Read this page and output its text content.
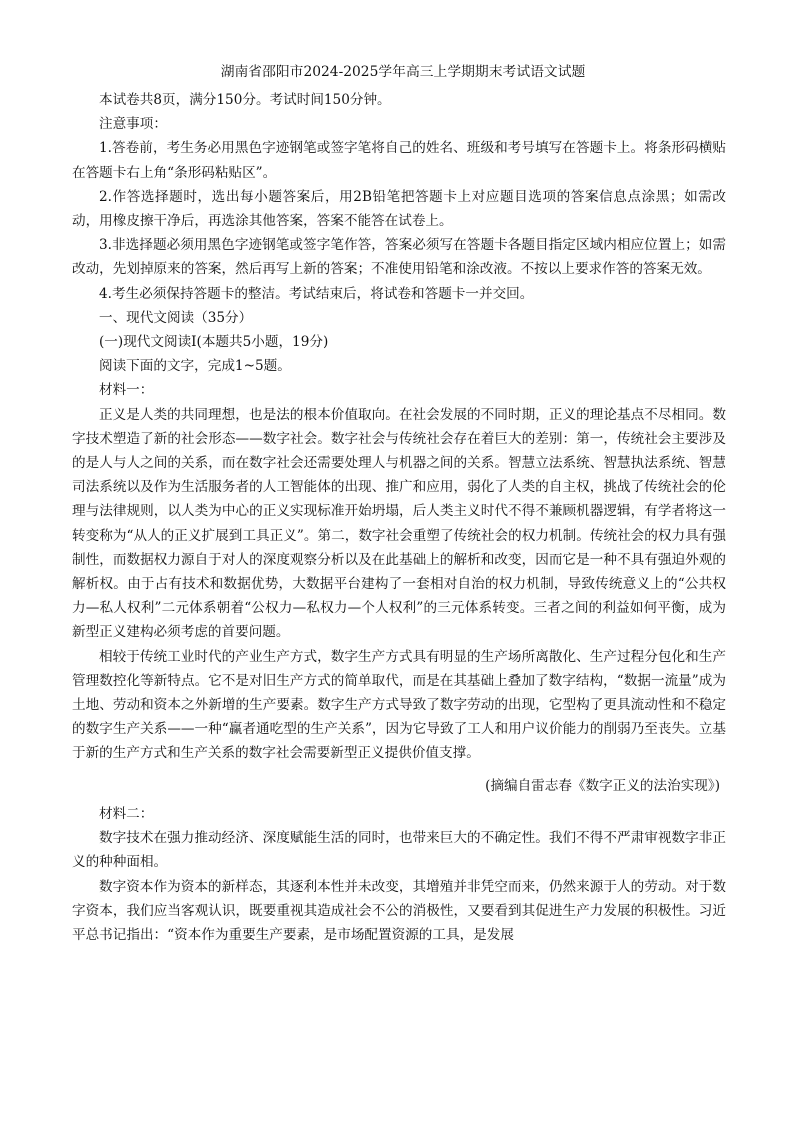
湖南省邵阳市2024-2025学年高三上学期期末考试语文试题

本试卷共8页，满分150分。考试时间150分钟。

注意事项：

1.答卷前，考生务必用黑色字迹钢笔或签字笔将自己的姓名、班级和考号填写在答题卡上。将条形码横贴在答题卡右上角“条形码粘贴区”。

2.作答选择题时，选出每小题答案后，用2B铅笔把答题卡上对应题目选项的答案信息点涂黑；如需改动，用橡皮擦干净后，再选涂其他答案，答案不能答在试卷上。

3.非选择题必须用黑色字迹钢笔或签字笔作答，答案必须写在答题卡各题目指定区域内相应位置上；如需改动，先划掉原来的答案，然后再写上新的答案；不准使用铅笔和涂改液。不按以上要求作答的答案无效。

4.考生必须保持答题卡的整洁。考试结束后，将试卷和答题卡一并交回。

一、现代文阅读（35分）

(一)现代文阅读Ⅰ(本题共5小题，19分)

阅读下面的文字，完成1~5题。

材料一：

正义是人类的共同理想，也是法的根本价值取向。在社会发展的不同时期，正义的理论基点不尽相同。数字技术塑造了新的社会形态——数字社会。数字社会与传统社会存在着巨大的差别：第一，传统社会主要涉及的是人与人之间的关系，而在数字社会还需要处理人与机器之间的关系。智慧立法系统、智慧执法系统、智慧司法系统以及作为生活服务者的人工智能体的出现、推广和应用，弱化了人类的自主权，挑战了传统社会的伦理与法律规则，以人类为中心的正义实现标准开始坍塌，后人类主义时代不得不兼顾机器逻辑，有学者将这一转变称为“从人的正义扩展到工具正义”。第二，数字社会重塑了传统社会的权力机制。传统社会的权力具有强制性，而数据权力源自于对人的深度观察分析以及在此基础上的解析和改变，因而它是一种不具有强迫外观的解析权。由于占有技术和数据优势，大数据平台建构了一套相对自治的权力机制，导致传统意义上的“公共权力—私人权利”二元体系朝着“公权力—私权力—个人权利”的三元体系转变。三者之间的利益如何平衡，成为新型正义建构必须考虑的首要问题。

相较于传统工业时代的产业生产方式，数字生产方式具有明显的生产场所离散化、生产过程分包化和生产管理数控化等新特点。它不是对旧生产方式的简单取代，而是在其基础上叠加了数字结构，“数据一流量”成为土地、劳动和资本之外新增的生产要素。数字生产方式导致了数字劳动的出现，它型构了更具流动性和不稳定的数字生产关系——一种“赢者通吃型的生产关系”，因为它导致了工人和用户议价能力的削弱乃至丧失。立基于新的生产方式和生产关系的数字社会需要新型正义提供价值支撑。

(摘编自雷志春《数字正义的法治实现》)

材料二：

数字技术在强力推动经济、深度赋能生活的同时，也带来巨大的不确定性。我们不得不严肃审视数字非正义的种种面相。

数字资本作为资本的新样态，其逐利本性并未改变，其增殖并非凭空而来，仍然来源于人的劳动。对于数字资本，我们应当客观认识，既要重视其造成社会不公的消极性，又要看到其促进生产力发展的积极性。习近平总书记指出：“资本作为重要生产要素，是市场配置资源的工具，是发展
